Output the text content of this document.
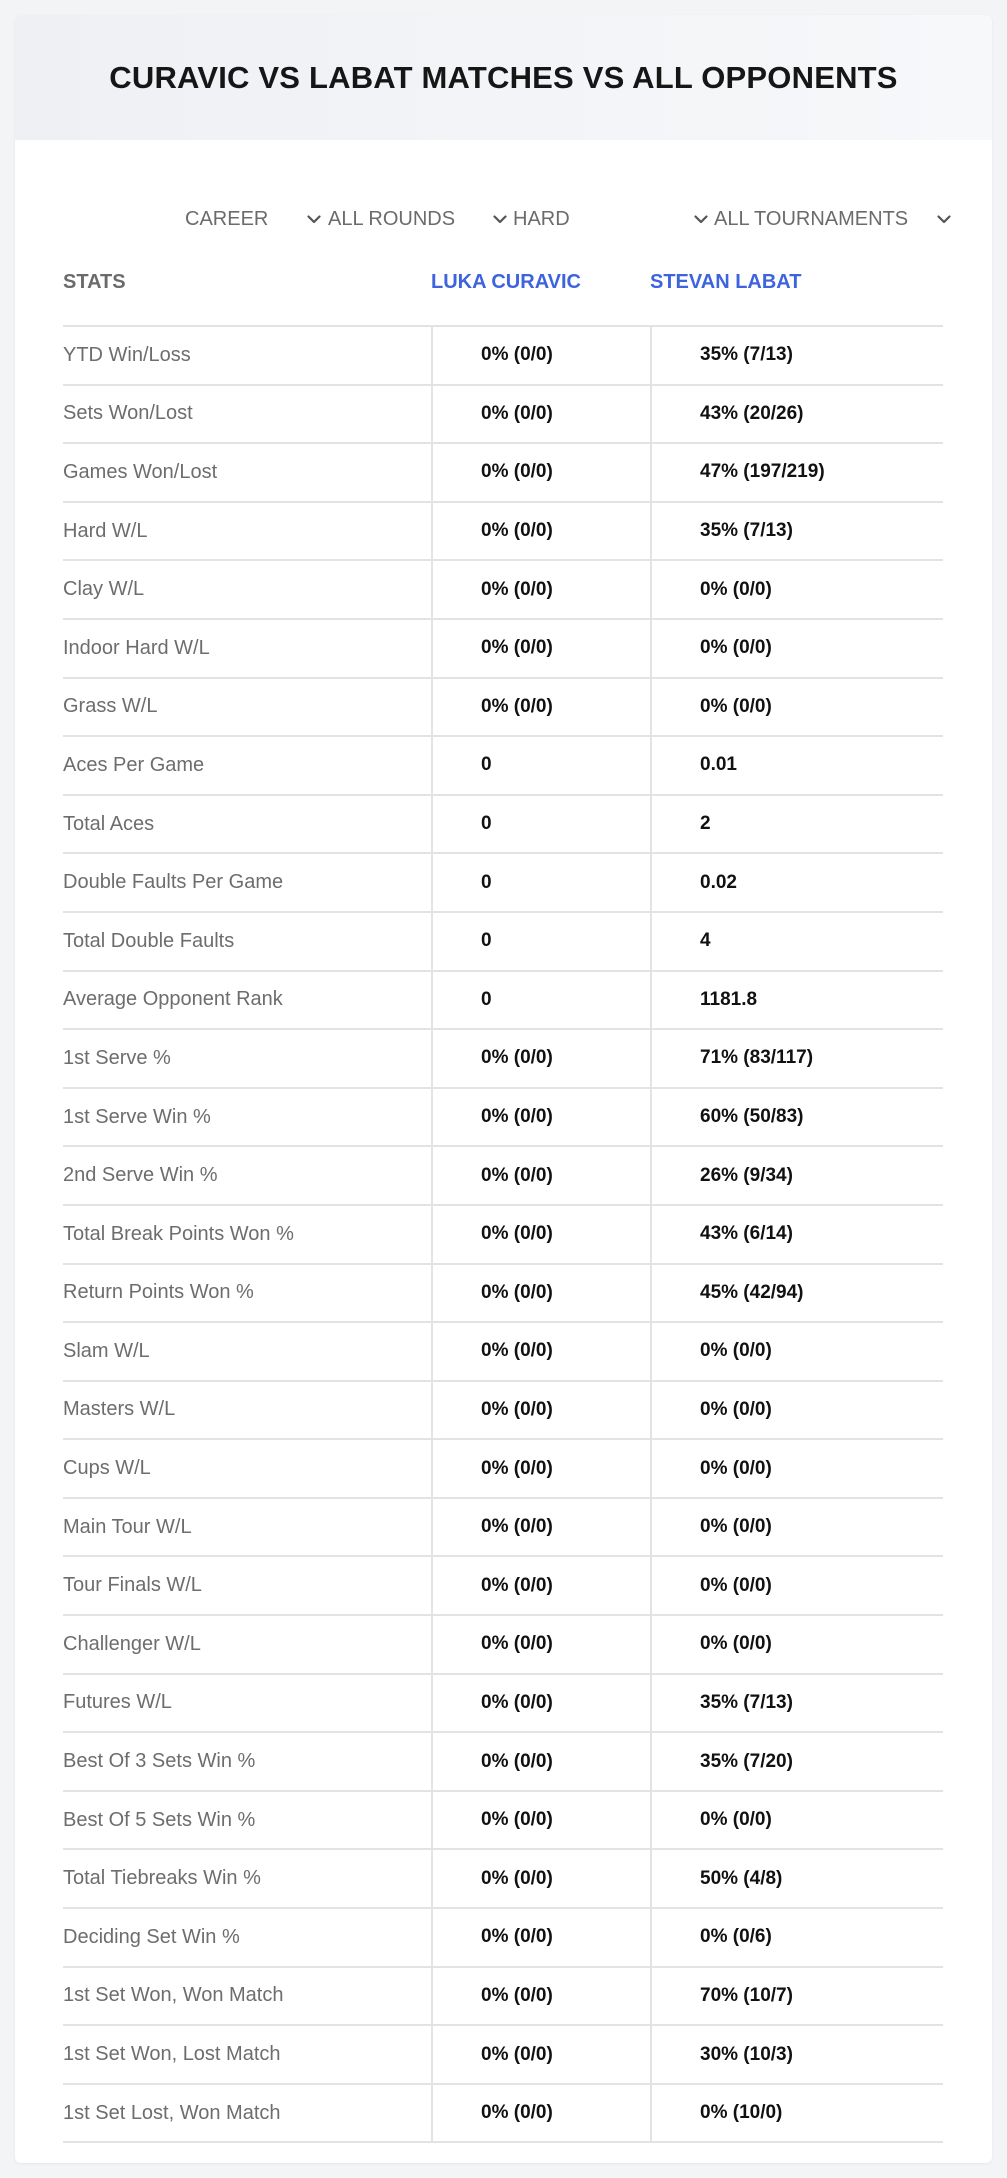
CURAVIC VS LABAT MATCHES VS ALL OPPONENTS
CAREER	ALL ROUNDS	HARD	ALL TOURNAMENTS
STATS	LUKA CURAVIC	STEVAN LABAT
YTD Win/Loss	0% (0/0)	35% (7/13)
Sets Won/Lost	0% (0/0)	43% (20/26)
Games Won/Lost	0% (0/0)	47% (197/219)
Hard W/L	0% (0/0)	35% (7/13)
Clay W/L	0% (0/0)	0% (0/0)
Indoor Hard W/L	0% (0/0)	0% (0/0)
Grass W/L	0% (0/0)	0% (0/0)
Aces Per Game	0	0.01
Total Aces	0	2
Double Faults Per Game	0	0.02
Total Double Faults	0	4
Average Opponent Rank	0	1181.8
1st Serve %	0% (0/0)	71% (83/117)
1st Serve Win %	0% (0/0)	60% (50/83)
2nd Serve Win %	0% (0/0)	26% (9/34)
Total Break Points Won %	0% (0/0)	43% (6/14)
Return Points Won %	0% (0/0)	45% (42/94)
Slam W/L	0% (0/0)	0% (0/0)
Masters W/L	0% (0/0)	0% (0/0)
Cups W/L	0% (0/0)	0% (0/0)
Main Tour W/L	0% (0/0)	0% (0/0)
Tour Finals W/L	0% (0/0)	0% (0/0)
Challenger W/L	0% (0/0)	0% (0/0)
Futures W/L	0% (0/0)	35% (7/13)
Best Of 3 Sets Win %	0% (0/0)	35% (7/20)
Best Of 5 Sets Win %	0% (0/0)	0% (0/0)
Total Tiebreaks Win %	0% (0/0)	50% (4/8)
Deciding Set Win %	0% (0/0)	0% (0/6)
1st Set Won, Won Match	0% (0/0)	70% (10/7)
1st Set Won, Lost Match	0% (0/0)	30% (10/3)
1st Set Lost, Won Match	0% (0/0)	0% (10/0)
